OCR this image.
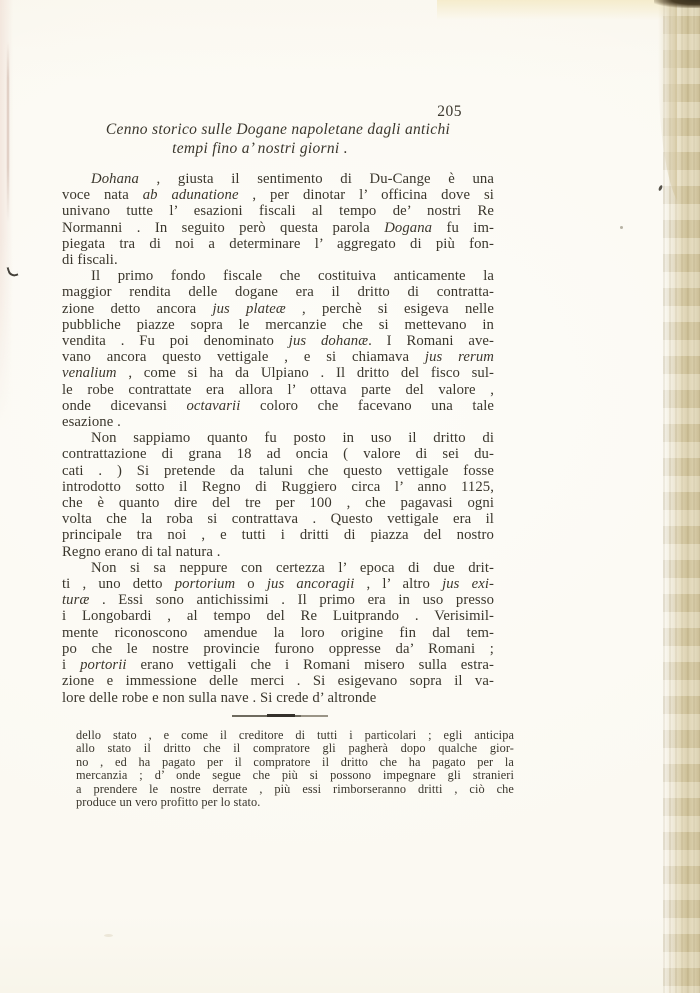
205
Cenno storico sulle Dogane napoletane dagli antichi
tempi fino a’ nostri giorni .
Dohana , giusta il sentimento di Du-Cange è una
voce nata ab adunatione , per dinotar l’ officina dove si
univano tutte l’ esazioni fiscali al tempo de’ nostri Re
Normanni . In seguito però questa parola Dogana fu im-
piegata tra di noi a determinare l’ aggregato di più fon-
di fiscali.
Il primo fondo fiscale che costituiva anticamente la
maggior rendita delle dogane era il dritto di contratta-
zione detto ancora jus plateæ , perchè si esigeva nelle
pubbliche piazze sopra le mercanzie che si mettevano in
vendita . Fu poi denominato jus dohanæ. I Romani ave-
vano ancora questo vettigale , e si chiamava jus rerum
venalium , come si ha da Ulpiano . Il dritto del fisco sul-
le robe contrattate era allora l’ ottava parte del valore ,
onde dicevansi octavarii coloro che facevano una tale
esazione .
Non sappiamo quanto fu posto in uso il dritto di
contrattazione di grana 18 ad oncia ( valore di sei du-
cati . ) Si pretende da taluni che questo vettigale fosse
introdotto sotto il Regno di Ruggiero circa l’ anno 1125,
che è quanto dire del tre per 100 , che pagavasi ogni
volta che la roba si contrattava . Questo vettigale era il
principale tra noi , e tutti i dritti di piazza del nostro
Regno erano di tal natura .
Non si sa neppure con certezza l’ epoca di due drit-
ti , uno detto portorium o jus ancoragii , l’ altro jus exi-
turæ . Essi sono antichissimi . Il primo era in uso presso
i Longobardi , al tempo del Re Luitprando . Verisimil-
mente riconoscono amendue la loro origine fin dal tem-
po che le nostre provincie furono oppresse da’ Romani ;
i portorii erano vettigali che i Romani misero sulla estra-
zione e immessione delle merci . Si esigevano sopra il va-
lore delle robe e non sulla nave . Si crede d’ altronde
dello stato , e come il creditore di tutti i particolari ; egli anticipa
allo stato il dritto che il compratore gli pagherà dopo qualche gior-
no , ed ha pagato per il compratore il dritto che ha pagato per la
mercanzia ; d’ onde segue che più si possono impegnare gli stranieri
a prendere le nostre derrate , più essi rimborseranno dritti , ciò che
produce un vero profitto per lo stato.
